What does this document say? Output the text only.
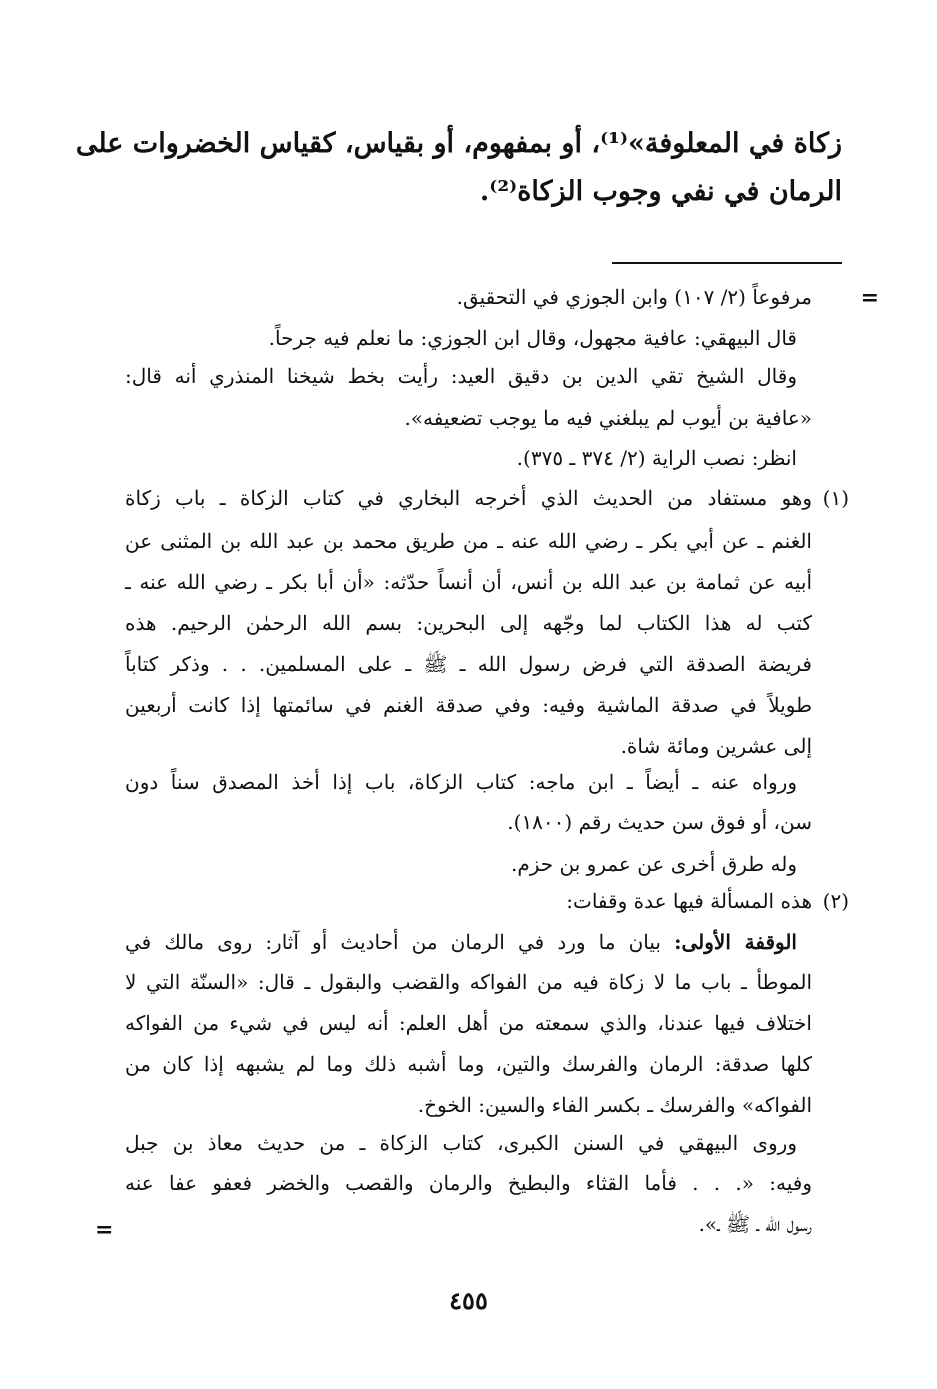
زكاة في المعلوفة»⁽¹⁾، أو بمفهوم، أو بقياس، كقياس الخضروات على
الرمان في نفي وجوب الزكاة⁽²⁾.
=
=
مرفوعاً (٢/ ١٠٧) وابن الجوزي في التحقيق.
قال البيهقي: عافية مجهول، وقال ابن الجوزي: ما نعلم فيه جرحاً.
وقال الشيخ تقي الدين بن دقيق العيد: رأيت بخط شيخنا المنذري أنه قال:
«عافية بن أيوب لم يبلغني فيه ما يوجب تضعيفه».
انظر: نصب الراية (٢/ ٣٧٤ ـ ٣٧٥).
(١)
وهو مستفاد من الحديث الذي أخرجه البخاري في كتاب الزكاة ـ باب زكاة
الغنم ـ عن أبي بكر ـ رضي الله عنه ـ من طريق محمد بن عبد الله بن المثنى عن
أبيه عن ثمامة بن عبد الله بن أنس، أن أنساً حدّثه: «أن أبا بكر ـ رضي الله عنه ـ
كتب له هذا الكتاب لما وجّهه إلى البحرين: بسم الله الرحمٰن الرحيم. هذه
فريضة الصدقة التي فرض رسول الله ـ ﷺ ـ على المسلمين. . . وذكر كتاباً
طويلاً في صدقة الماشية وفيه: وفي صدقة الغنم في سائمتها إذا كانت أربعين
إلى عشرين ومائة شاة.
ورواه عنه ـ أيضاً ـ ابن ماجه: كتاب الزكاة، باب إذا أخذ المصدق سناً دون
سن، أو فوق سن حديث رقم (١٨٠٠).
وله طرق أخرى عن عمرو بن حزم.
(٢)
هذه المسألة فيها عدة وقفات:
الوقفة الأولى: بيان ما ورد في الرمان من أحاديث أو آثار: روى مالك في
الموطأ ـ باب ما لا زكاة فيه من الفواكه والقضب والبقول ـ قال: «السنّة التي لا
اختلاف فيها عندنا، والذي سمعته من أهل العلم: أنه ليس في شيء من الفواكه
كلها صدقة: الرمان والفرسك والتين، وما أشبه ذلك وما لم يشبهه إذا كان من
الفواكه» والفرسك ـ بكسر الفاء والسين: الخوخ.
وروى البيهقي في السنن الكبرى، كتاب الزكاة ـ من حديث معاذ بن جبل
وفيه: «. . . فأما القثاء والبطيخ والرمان والقصب والخضر فعفو عفا عنه
رسول الله ـ ﷺ ـ».
٤٥٥
